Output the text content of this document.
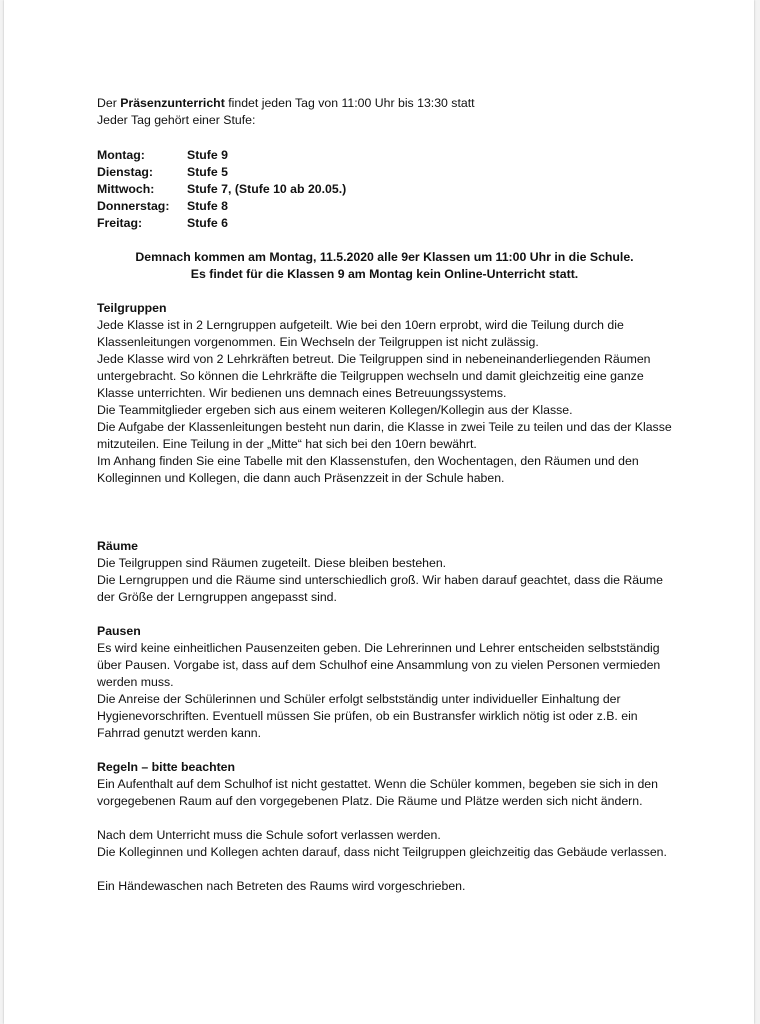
Der Präsenzunterricht findet jeden Tag von 11:00 Uhr bis 13:30 statt
Jeder Tag gehört einer Stufe:
Montag:	Stufe 9
Dienstag:	Stufe 5
Mittwoch:	Stufe 7, (Stufe 10 ab 20.05.)
Donnerstag:	Stufe 8
Freitag:	Stufe 6
Demnach kommen am Montag, 11.5.2020 alle 9er Klassen um 11:00 Uhr in die Schule.
Es findet für die Klassen 9 am Montag kein Online-Unterricht statt.
Teilgruppen

Jede Klasse ist in 2 Lerngruppen aufgeteilt. Wie bei den 10ern erprobt, wird die Teilung durch die Klassenleitungen vorgenommen. Ein Wechseln der Teilgruppen ist nicht zulässig.

Jede Klasse wird von 2 Lehrkräften betreut. Die Teilgruppen sind in nebeneinanderliegenden Räumen untergebracht. So können die Lehrkräfte die Teilgruppen wechseln und damit gleichzeitig eine ganze Klasse unterrichten. Wir bedienen uns demnach eines Betreuungssystems.

Die Teammitglieder ergeben sich aus einem weiteren Kollegen/Kollegin aus der Klasse.

Die Aufgabe der Klassenleitungen besteht nun darin, die Klasse in zwei Teile zu teilen und das der Klasse mitzuteilen. Eine Teilung in der „Mitte“ hat sich bei den 10ern bewährt.

Im Anhang finden Sie eine Tabelle mit den Klassenstufen, den Wochentagen, den Räumen und den Kolleginnen und Kollegen, die dann auch Präsenzzeit in der Schule haben.

Räume

Die Teilgruppen sind Räumen zugeteilt. Diese bleiben bestehen.

Die Lerngruppen und die Räume sind unterschiedlich groß. Wir haben darauf geachtet, dass die Räume der Größe der Lerngruppen angepasst sind.

Pausen

Es wird keine einheitlichen Pausenzeiten geben. Die Lehrerinnen und Lehrer entscheiden selbstständig über Pausen. Vorgabe ist, dass auf dem Schulhof eine Ansammlung von zu vielen Personen vermieden werden muss.

Die Anreise der Schülerinnen und Schüler erfolgt selbstständig unter individueller Einhaltung der Hygienevorschriften. Eventuell müssen Sie prüfen, ob ein Bustransfer wirklich nötig ist oder z.B. ein Fahrrad genutzt werden kann.

Regeln – bitte beachten

Ein Aufenthalt auf dem Schulhof ist nicht gestattet. Wenn die Schüler kommen, begeben sie sich in den vorgegebenen Raum auf den vorgegebenen Platz. Die Räume und Plätze werden sich nicht ändern.

Nach dem Unterricht muss die Schule sofort verlassen werden.

Die Kolleginnen und Kollegen achten darauf, dass nicht Teilgruppen gleichzeitig das Gebäude verlassen.

Ein Händewaschen nach Betreten des Raums wird vorgeschrieben.
